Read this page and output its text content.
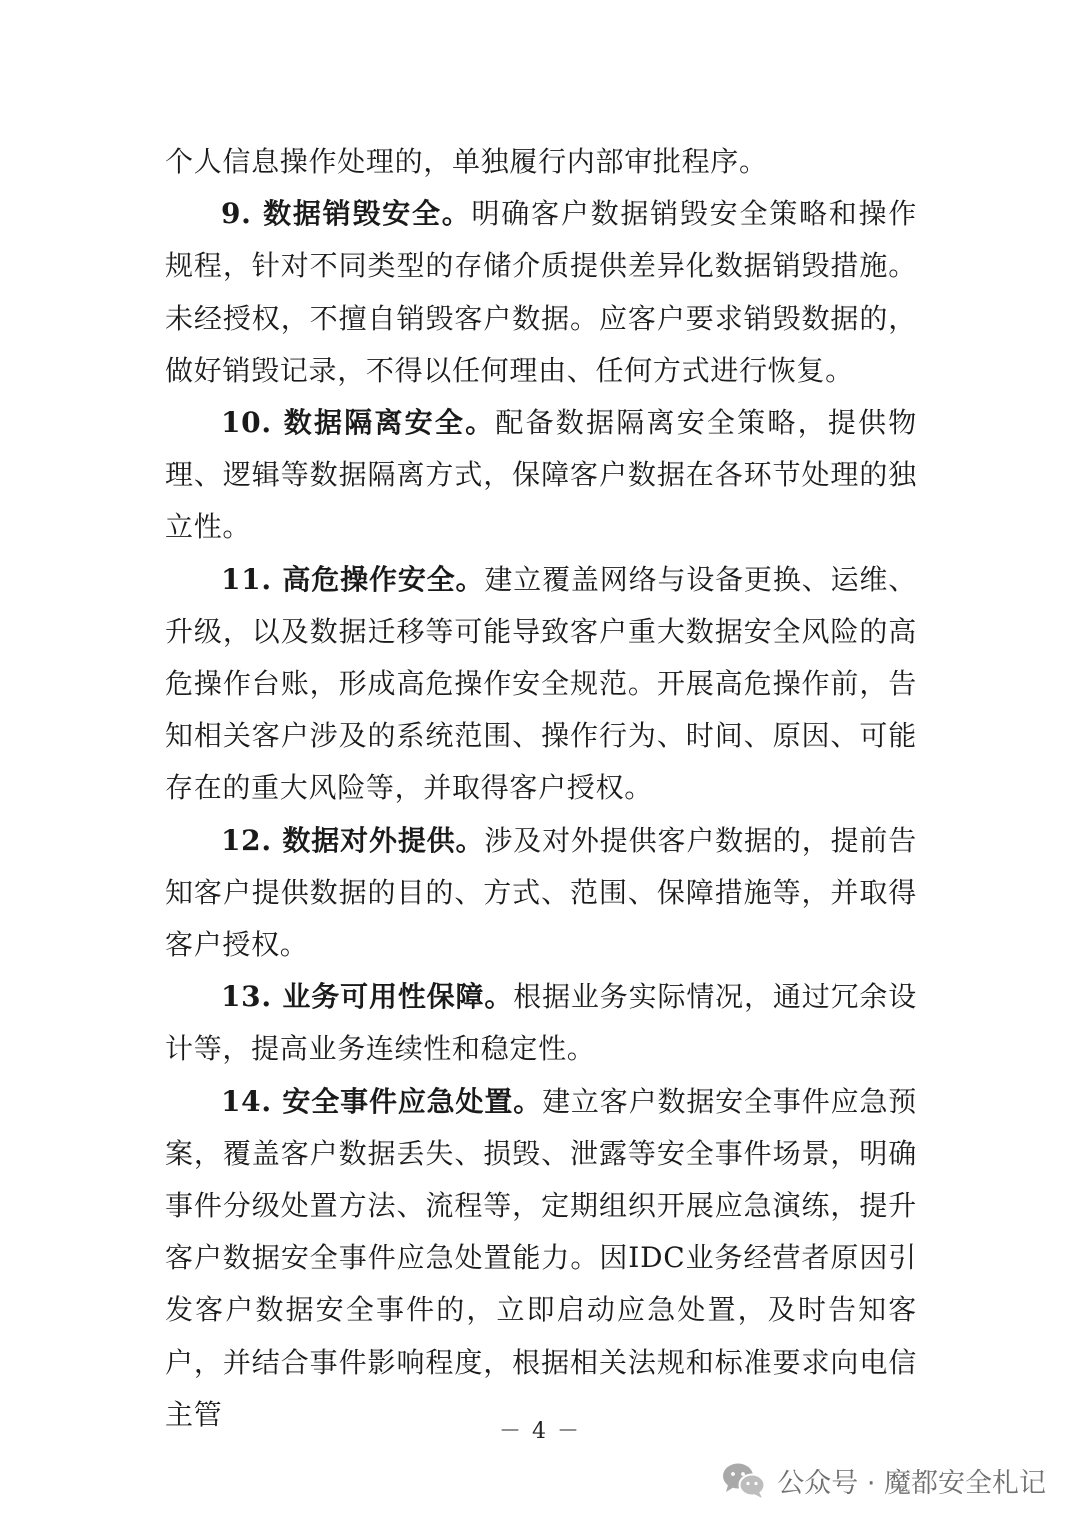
个人信息操作处理的，单独履行内部审批程序。

9. 数据销毁安全。明确客户数据销毁安全策略和操作规程，针对不同类型的存储介质提供差异化数据销毁措施。未经授权，不擅自销毁客户数据。应客户要求销毁数据的，做好销毁记录，不得以任何理由、任何方式进行恢复。

10. 数据隔离安全。配备数据隔离安全策略，提供物理、逻辑等数据隔离方式，保障客户数据在各环节处理的独立性。

11. 高危操作安全。建立覆盖网络与设备更换、运维、升级，以及数据迁移等可能导致客户重大数据安全风险的高危操作台账，形成高危操作安全规范。开展高危操作前，告知相关客户涉及的系统范围、操作行为、时间、原因、可能存在的重大风险等，并取得客户授权。

12. 数据对外提供。涉及对外提供客户数据的，提前告知客户提供数据的目的、方式、范围、保障措施等，并取得客户授权。

13. 业务可用性保障。根据业务实际情况，通过冗余设计等，提高业务连续性和稳定性。

14. 安全事件应急处置。建立客户数据安全事件应急预案，覆盖客户数据丢失、损毁、泄露等安全事件场景，明确事件分级处置方法、流程等，定期组织开展应急演练，提升客户数据安全事件应急处置能力。因IDC业务经营者原因引发客户数据安全事件的，立即启动应急处置，及时告知客户，并结合事件影响程度，根据相关法规和标准要求向电信主管

－ 4 －
公众号 · 魔都安全札记
